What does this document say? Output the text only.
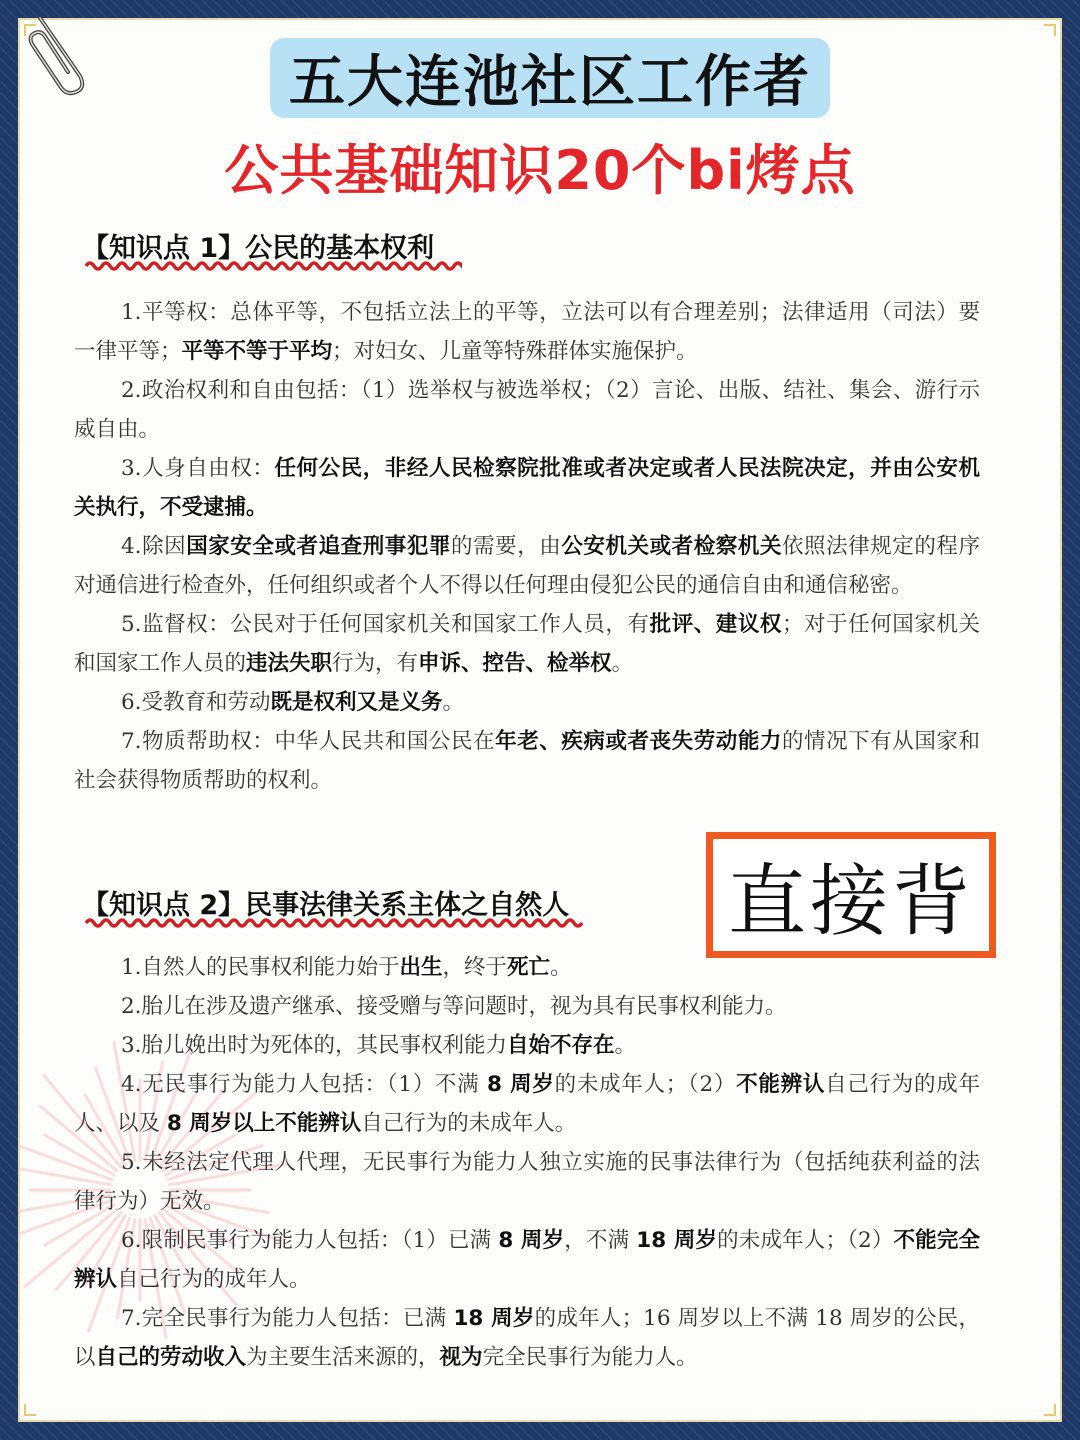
五大连池社区工作者
公共基础知识20个bi烤点
【知识点 1】公民的基本权利

1.平等权：总体平等，不包括立法上的平等，立法可以有合理差别；法律适用（司法）要一律平等；平等不等于平均；对妇女、儿童等特殊群体实施保护。

2.政治权利和自由包括：（1）选举权与被选举权；（2）言论、出版、结社、集会、游行示威自由。

3.人身自由权：任何公民，非经人民检察院批准或者决定或者人民法院决定，并由公安机关执行，不受逮捕。

4.除因国家安全或者追查刑事犯罪的需要，由公安机关或者检察机关依照法律规定的程序对通信进行检查外，任何组织或者个人不得以任何理由侵犯公民的通信自由和通信秘密。

5.监督权：公民对于任何国家机关和国家工作人员，有批评、建议权；对于任何国家机关和国家工作人员的违法失职行为，有申诉、控告、检举权。

6.受教育和劳动既是权利又是义务。

7.物质帮助权：中华人民共和国公民在年老、疾病或者丧失劳动能力的情况下有从国家和社会获得物质帮助的权利。

直接背
【知识点 2】民事法律关系主体之自然人

1.自然人的民事权利能力始于出生，终于死亡。

2.胎儿在涉及遗产继承、接受赠与等问题时，视为具有民事权利能力。

3.胎儿娩出时为死体的，其民事权利能力自始不存在。

4.无民事行为能力人包括：（1）不满 8 周岁的未成年人；（2）不能辨认自己行为的成年人、以及 8 周岁以上不能辨认自己行为的未成年人。

5.未经法定代理人代理，无民事行为能力人独立实施的民事法律行为（包括纯获利益的法律行为）无效。

6.限制民事行为能力人包括：（1）已满 8 周岁，不满 18 周岁的未成年人；（2）不能完全辨认自己行为的成年人。

7.完全民事行为能力人包括：已满 18 周岁的成年人；16 周岁以上不满 18 周岁的公民，以自己的劳动收入为主要生活来源的，视为完全民事行为能力人。
